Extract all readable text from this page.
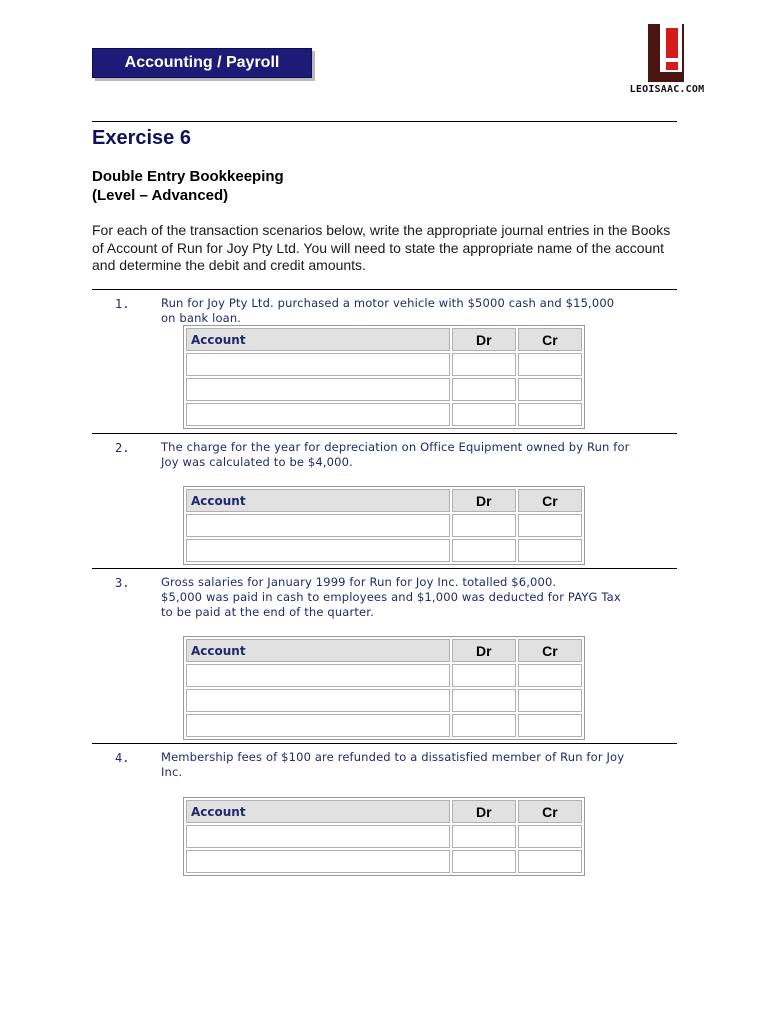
Accounting / Payroll
LEOISAAC.COM
Exercise 6
Double Entry Bookkeeping
(Level – Advanced)
For each of the transaction scenarios below, write the appropriate journal entries in the Books of Account of Run for Joy Pty Ltd. You will need to state the appropriate name of the account and determine the debit and credit amounts.
1.	Run for Joy Pty Ltd. purchased a motor vehicle with $5000 cash and $15,000
on bank loan.
Account	Dr	Cr

2.	The charge for the year for depreciation on Office Equipment owned by Run for
Joy was calculated to be $4,000.
Account	Dr	Cr

3.	Gross salaries for January 1999 for Run for Joy Inc. totalled $6,000.
$5,000 was paid in cash to employees and $1,000 was deducted for PAYG Tax
to be paid at the end of the quarter.
Account	Dr	Cr

4.	Membership fees of $100 are refunded to a dissatisfied member of Run for Joy
Inc.
Account	Dr	Cr
